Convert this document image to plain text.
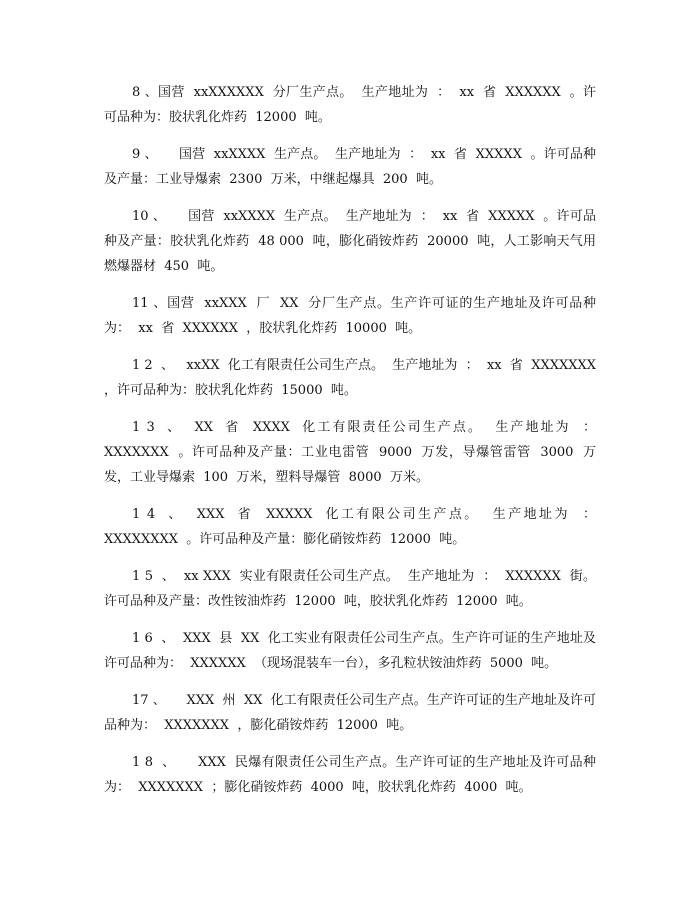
8 、国营  xxXXXXXX  分厂生产点。  生产地址为  ：  xx  省  XXXXXX  。许可品种为：胶状乳化炸药  12000  吨。

9 、     国营  xxXXXX  生产点。  生产地址为  ：  xx  省  XXXXX  。许可品种及产量：工业导爆索  2300  万米，中继起爆具  200  吨。

10 、     国营  xxXXXX  生产点。  生产地址为  ：  xx  省  XXXXX  。许可品种及产量：胶状乳化炸药  48 000  吨，膨化硝铵炸药  20000  吨，人工影响天气用燃爆器材  450  吨。

11 、国营  xxXXX  厂  XX  分厂生产点。生产许可证的生产地址及许可品种为：  xx  省  XXXXXX  ，胶状乳化炸药  10000  吨。

1 2  、   xxXX  化工有限责任公司生产点。  生产地址为  ：  xx  省  XXXXXXX  ，许可品种为：胶状乳化炸药  15000  吨。

1 3  、  XX  省  XXXX  化工有限责任公司生产点。  生产地址为  ：  XXXXXXX  。许可品种及产量：工业电雷管  9000  万发，导爆管雷管  3000  万发，工业导爆索  100  万米，塑料导爆管  8000  万米。

1 4  、  XXX  省  XXXXX  化工有限公司生产点。  生产地址为  ：  XXXXXXXX  。许可品种及产量：膨化硝铵炸药  12000  吨。

1 5  、  xx XXX  实业有限责任公司生产点。  生产地址为  ：  XXXXXX  街。许可品种及产量：改性铵油炸药  12000  吨，胶状乳化炸药  12000  吨。

1 6  、  XXX  县  XX  化工实业有限责任公司生产点。生产许可证的生产地址及许可品种为：  XXXXXX  （现场混装车一台），多孔粒状铵油炸药  5000  吨。

17 、     XXX  州  XX  化工有限责任公司生产点。生产许可证的生产地址及许可品种为：  XXXXXXX  ，膨化硝铵炸药  12000  吨。

1 8  、     XXX  民爆有限责任公司生产点。生产许可证的生产地址及许可品种为：  XXXXXXX  ；膨化硝铵炸药  4000  吨，胶状乳化炸药  4000  吨。
